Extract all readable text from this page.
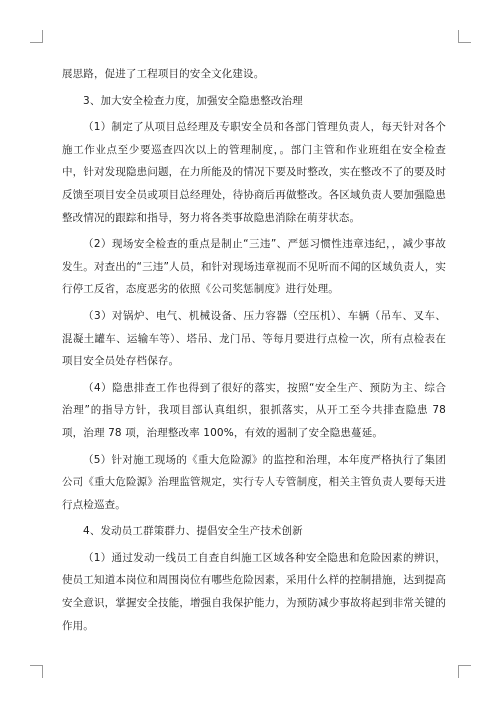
展思路，促进了工程项目的安全文化建设。

3、加大安全检查力度，加强安全隐患整改治理

（1）制定了从项目总经理及专职安全员和各部门管理负责人，每天针对各个施工作业点至少要巡查四次以上的管理制度，。部门主管和作业班组在安全检查中，针对发现隐患问题，在力所能及的情况下要及时整改，实在整改不了的要及时反馈至项目安全员或项目总经理处，待协商后再做整改。各区域负责人要加强隐患整改情况的跟踪和指导，努力将各类事故隐患消除在萌芽状态。

（2）现场安全检查的重点是制止“三违”、严惩习惯性违章违纪，，减少事故发生。对查出的“三违”人员，和针对现场违章视而不见听而不闻的区域负责人，实行停工反省，态度恶劣的依照《公司奖惩制度》进行处理。

（3）对锅炉、电气、机械设备、压力容器（空压机）、车辆（吊车、叉车、混凝土罐车、运输车等）、塔吊、龙门吊、等每月要进行点检一次，所有点检表在项目安全员处存档保存。

（4）隐患排查工作也得到了很好的落实，按照“安全生产、预防为主、综合治理”的指导方针，我项目部认真组织，狠抓落实，从开工至今共排查隐患 78 项，治理 78 项，治理整改率 100%，有效的遏制了安全隐患蔓延。

（5）针对施工现场的《重大危险源》的监控和治理，本年度严格执行了集团公司《重大危险源》治理监管规定，实行专人专管制度，相关主管负责人要每天进行点检巡查。

4、发动员工群策群力、提倡安全生产技术创新

（1）通过发动一线员工自查自纠施工区域各种安全隐患和危险因素的辨识，使员工知道本岗位和周围岗位有哪些危险因素，采用什么样的控制措施，达到提高安全意识，掌握安全技能，增强自我保护能力，为预防减少事故将起到非常关键的作用。
